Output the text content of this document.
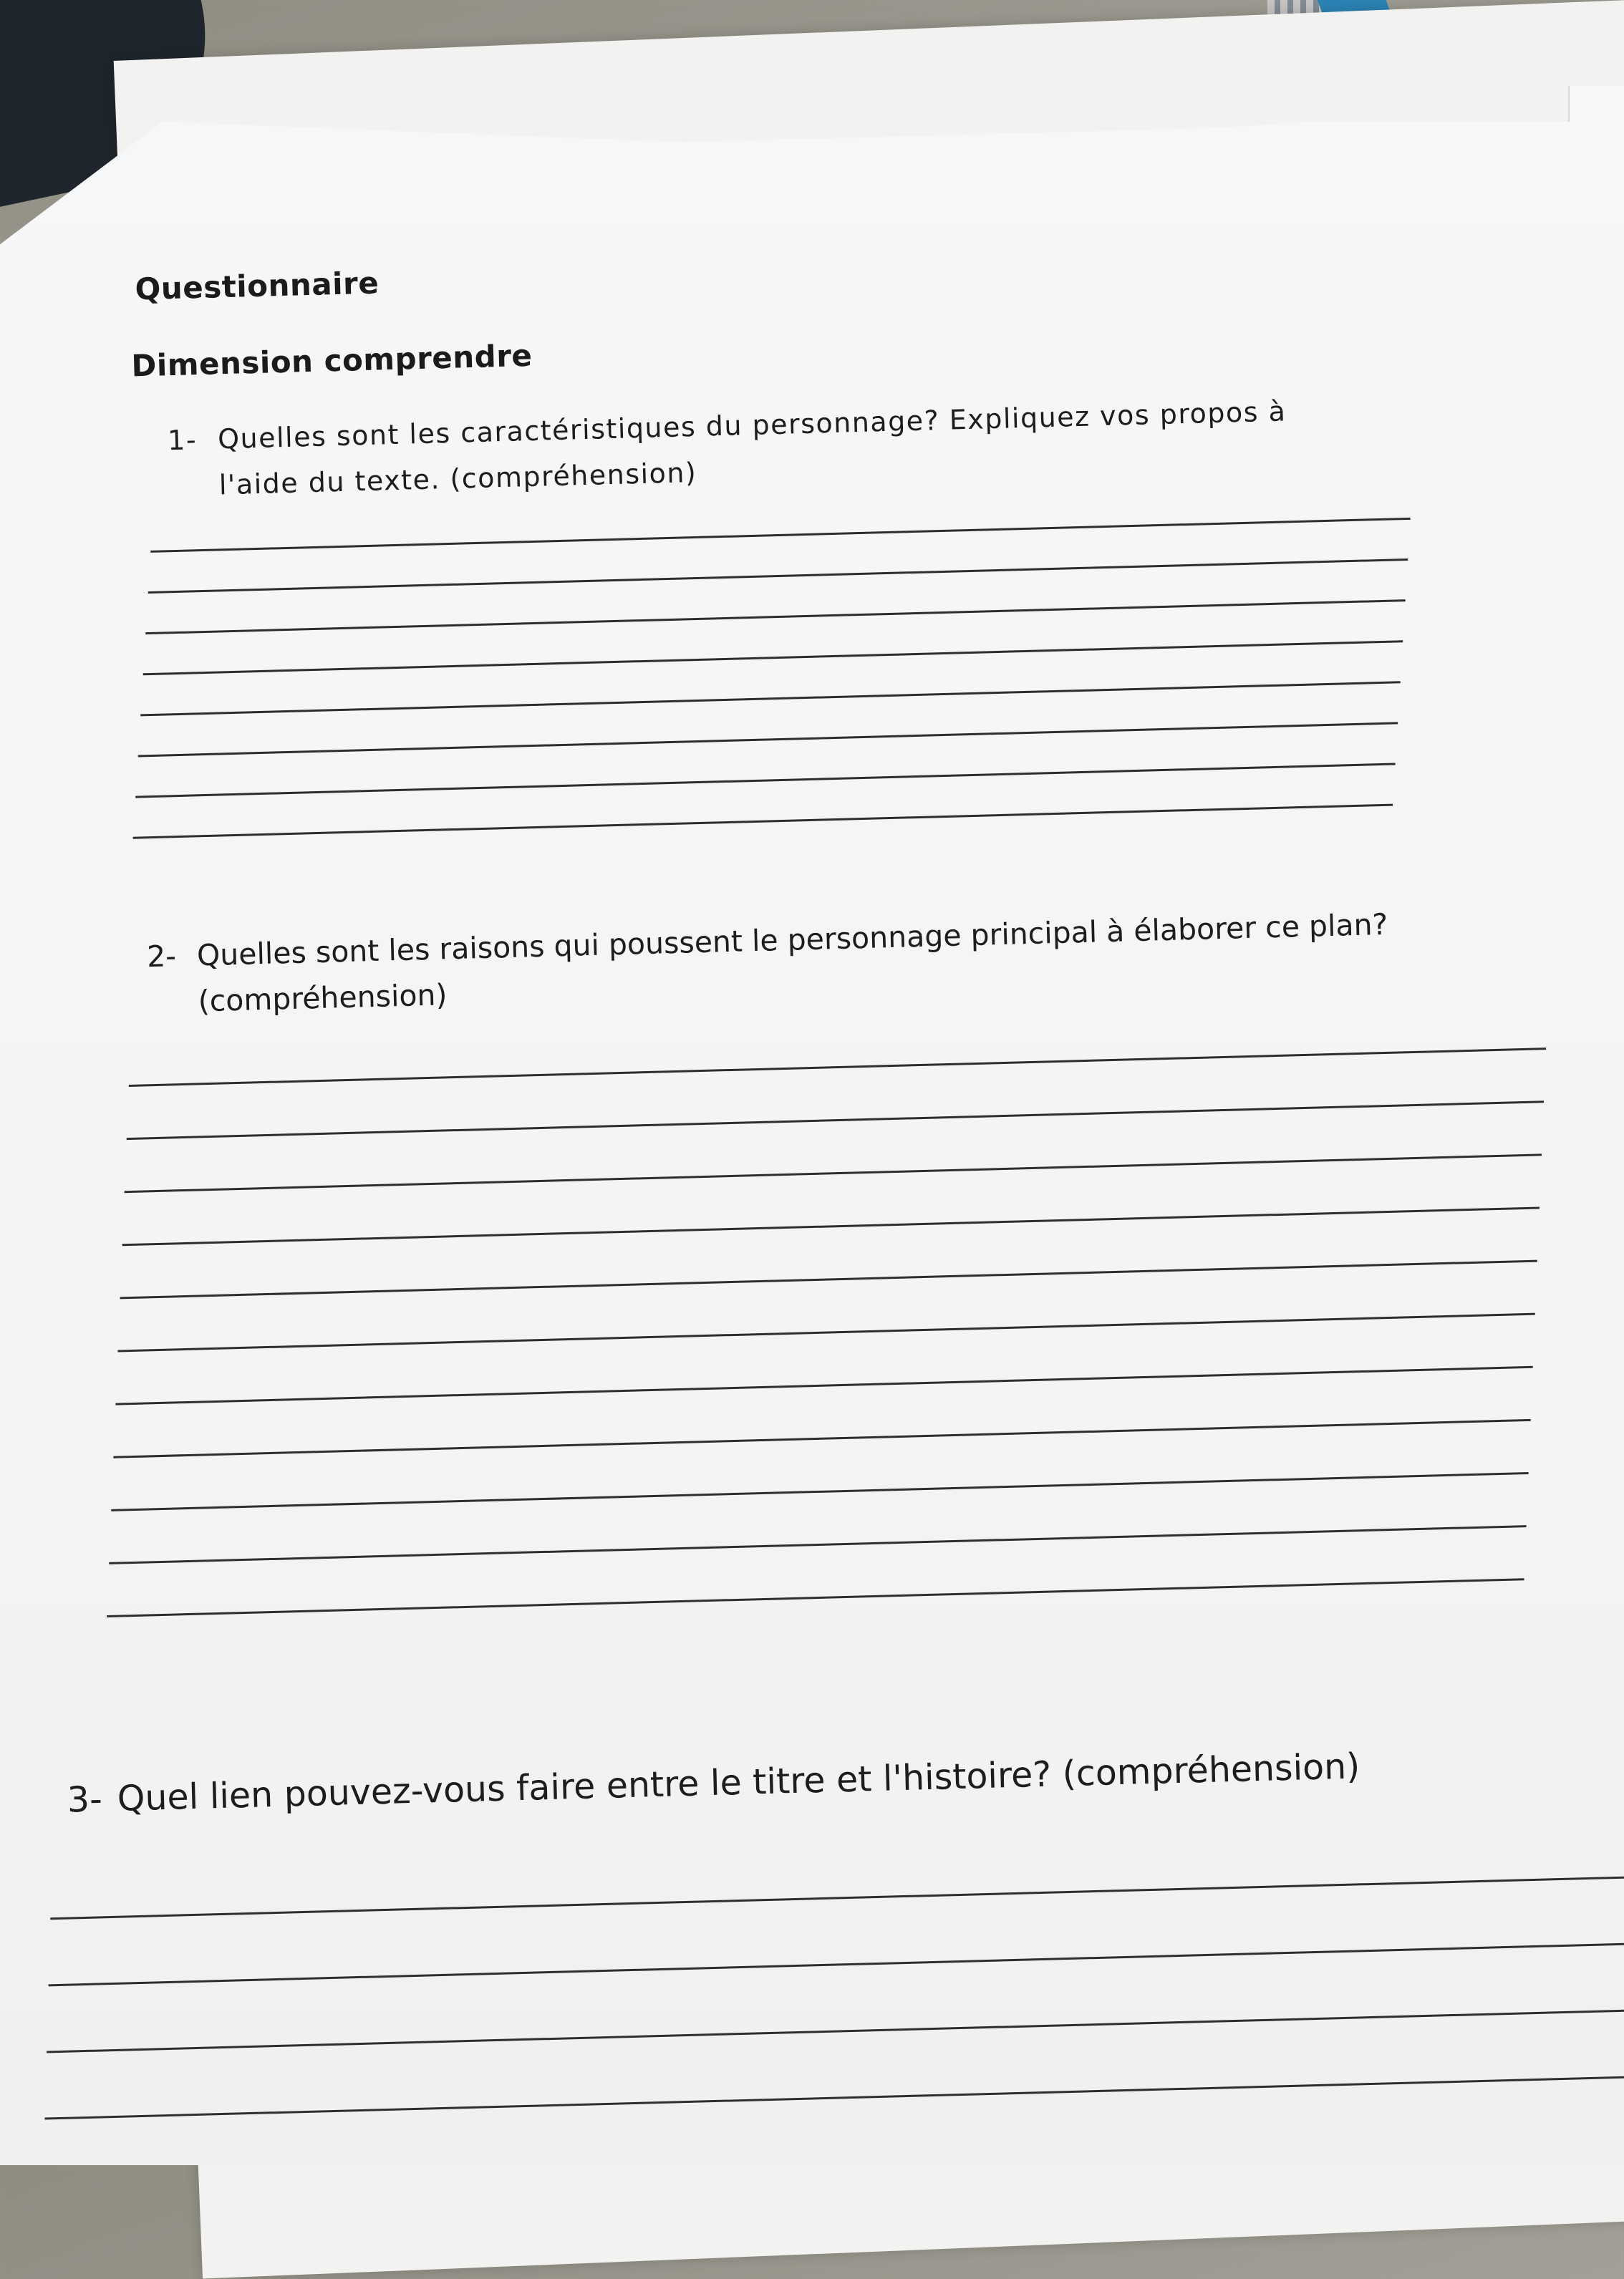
Questionnaire
Dimension comprendre

1- Quelles sont les caractéristiques du personnage? Expliquez vos propos à l'aide du texte. (compréhension)

2- Quelles sont les raisons qui poussent le personnage principal à élaborer ce plan? (compréhension)

3- Quel lien pouvez-vous faire entre le titre et l'histoire? (compréhension)
